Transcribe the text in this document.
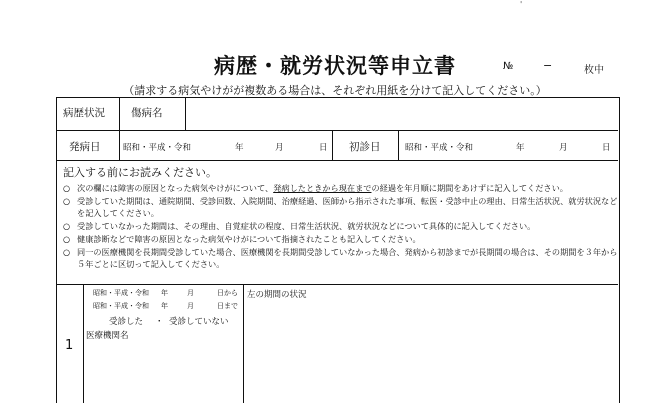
'
病歴・就労状況等申立書	№	−	枚中
（請求する病気やけがが複数ある場合は、それぞれ用紙を分けて記入してください。）
病歴状況 傷病名
発病日	昭和・平成・令和	年	月	日 初診日	昭和・平成・令和	年	月	日
記入する前にお読みください。
○ 次の欄には障害の原因となった病気やけがについて、発病したときから現在までの経過を年月順に期間をあけずに記入してください。
○ 受診していた期間は、通院期間、受診回数、入院期間、治療経過、医師から指示された事項、転医・受診中止の理由、日常生活状況、就労状況などを記入してください。
○ 受診していなかった期間は、その理由、自覚症状の程度、日常生活状況、就労状況などについて具体的に記入してください。
○ 健康診断などで障害の原因となった病気やけがについて指摘されたことも記入してください。
○ 同一の医療機関を長期間受診していた場合、医療機関を長期間受診していなかった場合、発病から初診までが長期間の場合は、その期間を３年から５年ごとに区切って記入してください。
1
昭和・平成・令和 年	月	日から
昭和・平成・令和 年	月	日まで
受診した ・ 受診していない
医療機関名
左の期間の状況
